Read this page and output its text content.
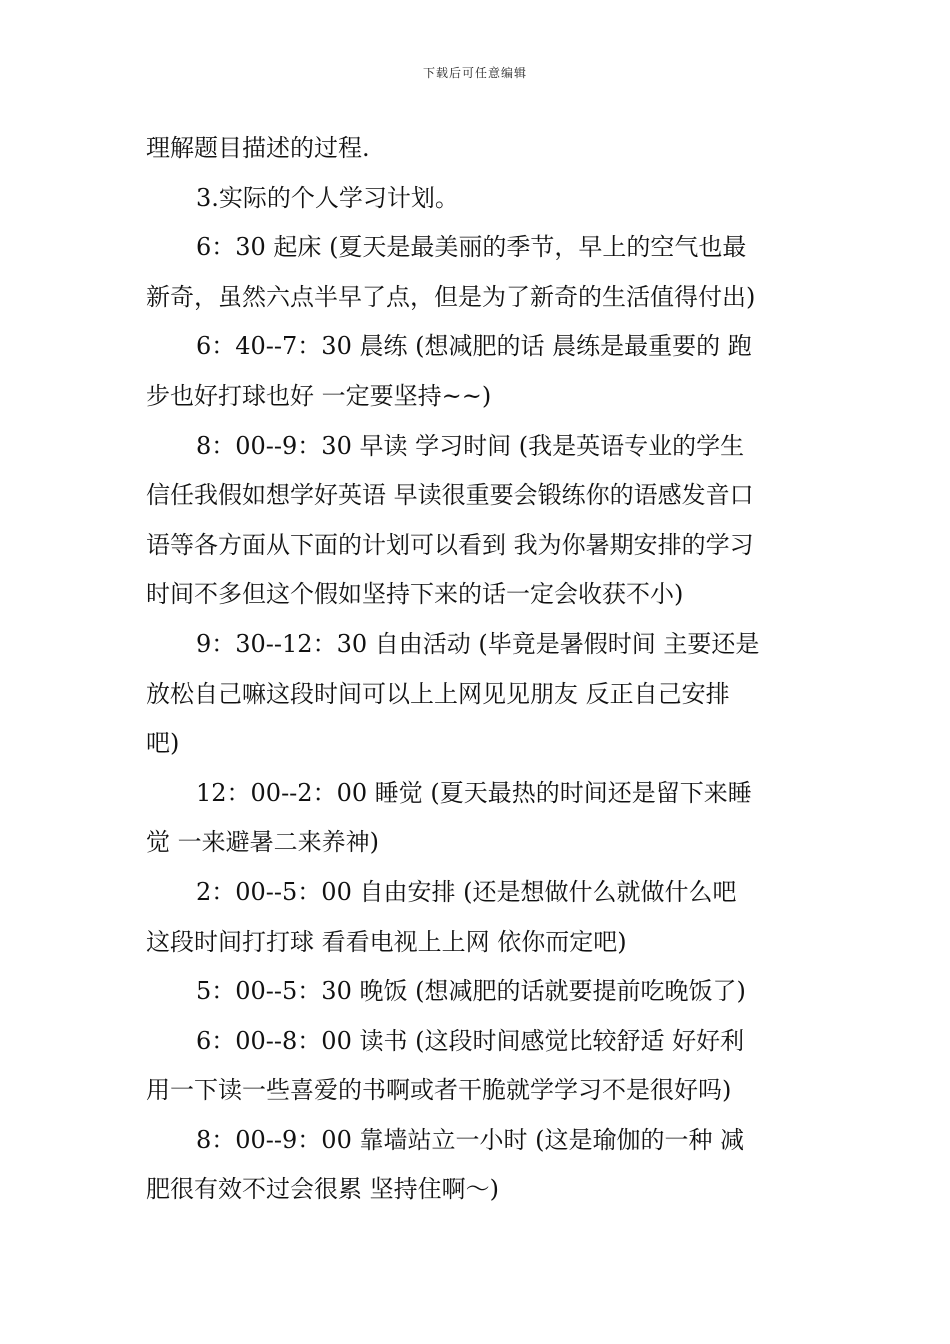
下载后可任意编辑
理解题目描述的过程.
3.实际的个人学习计划。
6：30 起床 (夏天是最美丽的季节，早上的空气也最
新奇，虽然六点半早了点，但是为了新奇的生活值得付出)
6：40--7：30 晨练 (想减肥的话 晨练是最重要的 跑
步也好打球也好 一定要坚持~~)
8：00--9：30 早读 学习时间 (我是英语专业的学生
信任我假如想学好英语 早读很重要会锻练你的语感发音口
语等各方面从下面的计划可以看到 我为你暑期安排的学习
时间不多但这个假如坚持下来的话一定会收获不小)
9：30--12：30 自由活动 (毕竟是暑假时间 主要还是
放松自己嘛这段时间可以上上网见见朋友 反正自己安排
吧)
12：00--2：00 睡觉 (夏天最热的时间还是留下来睡
觉 一来避暑二来养神)
2：00--5：00 自由安排 (还是想做什么就做什么吧
这段时间打打球 看看电视上上网 依你而定吧)
5：00--5：30 晚饭 (想减肥的话就要提前吃晚饭了)
6：00--8：00 读书 (这段时间感觉比较舒适 好好利
用一下读一些喜爱的书啊或者干脆就学学习不是很好吗)
8：00--9：00 靠墙站立一小时 (这是瑜伽的一种 减
肥很有效不过会很累 坚持住啊～)
